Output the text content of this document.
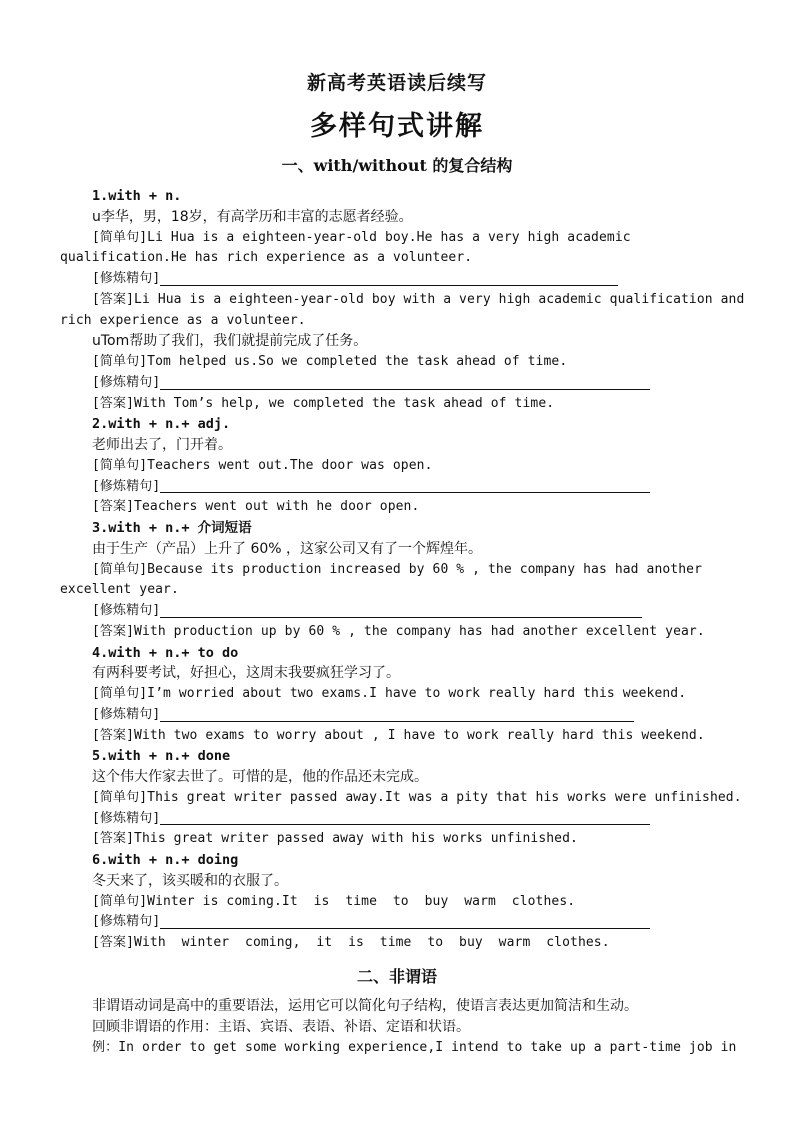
新高考英语读后续写
多样句式讲解
一、with/without 的复合结构
1.with + n.
u李华，男，18岁，有高学历和丰富的志愿者经验。
[简单句]Li Hua is a eighteen-year-old boy.He has a very high academic
qualification.He has rich experience as a volunteer.
[修炼精句]
[答案]Li Hua is a eighteen-year-old boy with a very high academic qualification and
rich experience as a volunteer.
uTom帮助了我们，我们就提前完成了任务。
[简单句]Tom helped us.So we completed the task ahead of time.
[修炼精句]
[答案]With Tom’s help, we completed the task ahead of time.
2.with + n.+ adj.
老师出去了，门开着。
[简单句]Teachers went out.The door was open.
[修炼精句]
[答案]Teachers went out with he door open.
3.with + n.+ 介词短语
由于生产（产品）上升了 60% ，这家公司又有了一个辉煌年。
[简单句]Because its production increased by 60 % , the company has had another
excellent year.
[修炼精句]
[答案]With production up by 60 % , the company has had another excellent year.
4.with + n.+ to do
有两科要考试，好担心，这周末我要疯狂学习了。
[简单句]I’m worried about two exams.I have to work really hard this weekend.
[修炼精句]
[答案]With two exams to worry about , I have to work really hard this weekend.
5.with + n.+ done
这个伟大作家去世了。可惜的是，他的作品还未完成。
[简单句]This great writer passed away.It was a pity that his works were unfinished.
[修炼精句]
[答案]This great writer passed away with his works unfinished.
6.with + n.+ doing
冬天来了，该买暖和的衣服了。
[简单句]Winter is coming.It  is  time  to  buy  warm  clothes.
[修炼精句]
[答案]With  winter  coming,  it  is  time  to  buy  warm  clothes.
二、非谓语
非谓语动词是高中的重要语法，运用它可以简化句子结构，使语言表达更加简洁和生动。
回顾非谓语的作用：主语、宾语、表语、补语、定语和状语。
例：In order to get some working experience,I intend to take up a part-time job in
